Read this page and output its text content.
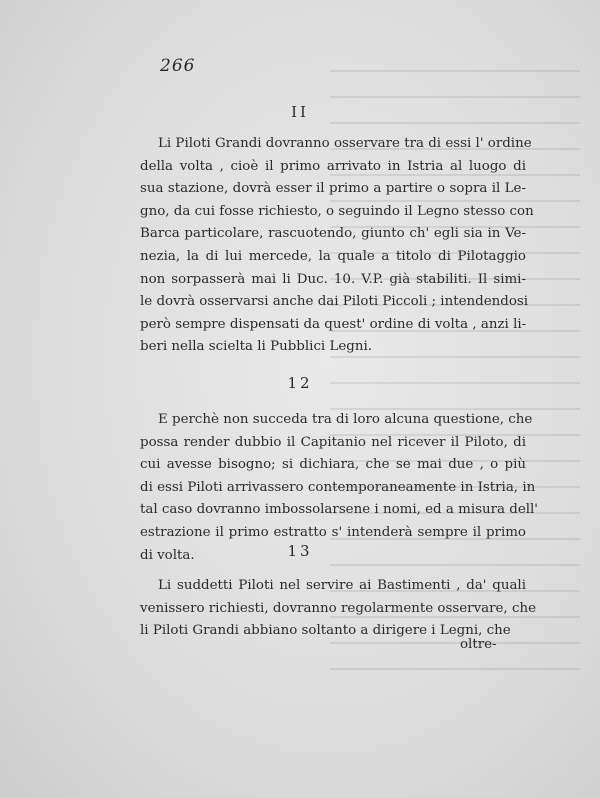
266
II
Li Piloti Grandi dovranno osservare tra di essi l' ordine
della volta , cioè il primo arrivato in Istria al luogo di
sua stazione, dovrà esser il primo a partire o sopra il Le-
gno, da cui fosse richiesto, o seguindo il Legno stesso con
Barca particolare, rascuotendo, giunto ch' egli sia in Ve-
nezia, la di lui mercede, la quale a titolo di Pilotaggio
non sorpasserà mai li Duc. 10. V.P. già stabiliti. Il simi-
le dovrà osservarsi anche dai Piloti Piccoli ; intendendosi
però sempre dispensati da quest' ordine di volta , anzi li-
beri nella scielta li Pubblici Legni.
12
E perchè non succeda tra di loro alcuna questione, che
possa render dubbio il Capitanio nel ricever il Piloto, di
cui avesse bisogno; si dichiara, che se mai due , o più
di essi Piloti arrivassero contemporaneamente in Istria, in
tal caso dovranno imbossolarsene i nomi, ed a misura dell'
estrazione il primo estratto s' intenderà sempre il primo
di volta.	13
Li suddetti Piloti nel servire ai Bastimenti , da' quali
venissero richiesti, dovranno regolarmente osservare, che
li Piloti Grandi abbiano soltanto a dirigere i Legni, che
oltre-
